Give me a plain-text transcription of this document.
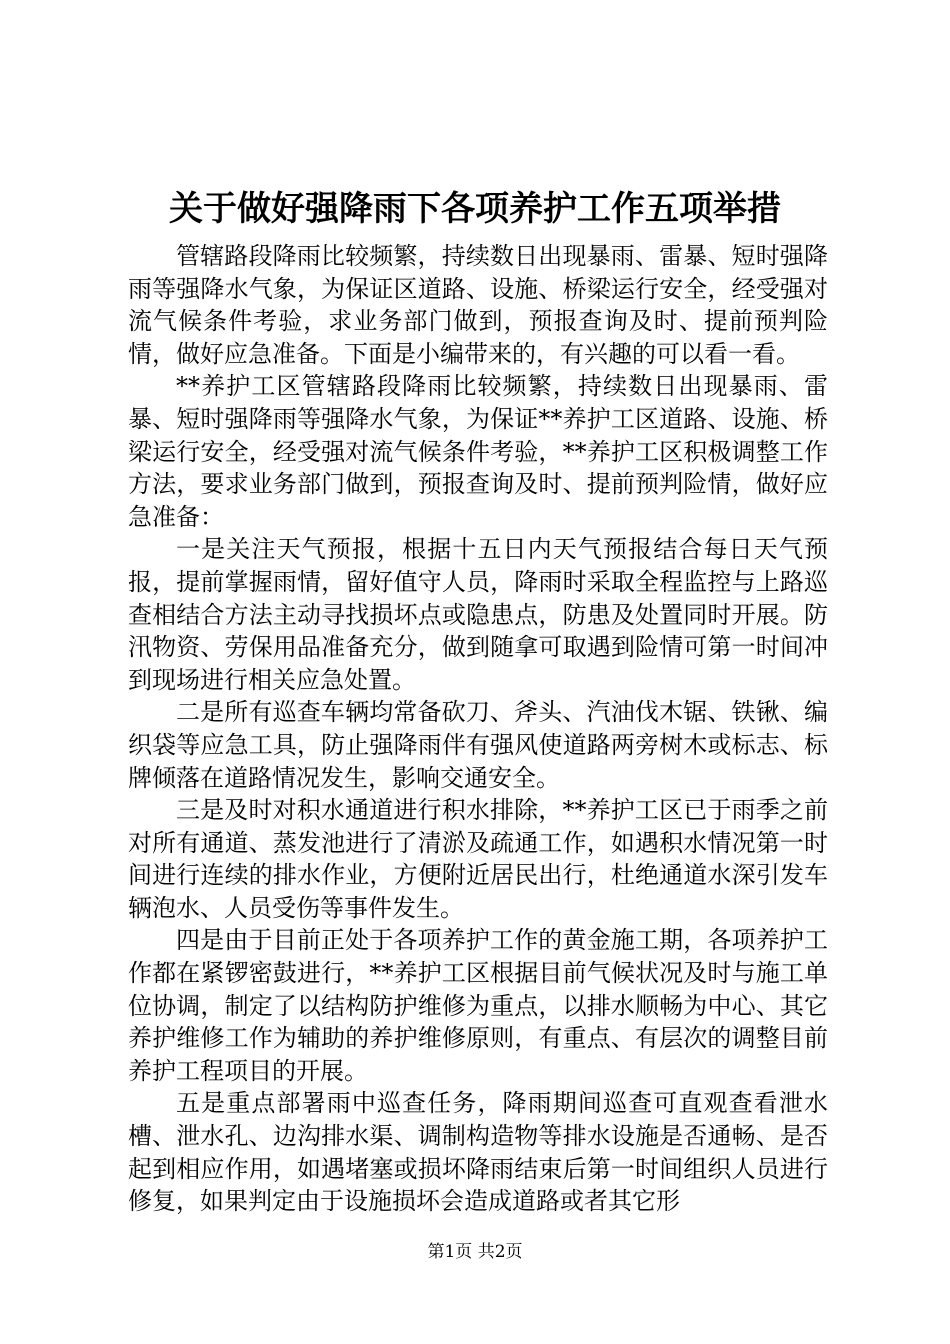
关于做好强降雨下各项养护工作五项举措

管辖路段降雨比较频繁，持续数日出现暴雨、雷暴、短时强降雨等强降水气象，为保证区道路、设施、桥梁运行安全，经受强对流气候条件考验，求业务部门做到，预报查询及时、提前预判险情，做好应急准备。下面是小编带来的，有兴趣的可以看一看。

**养护工区管辖路段降雨比较频繁，持续数日出现暴雨、雷暴、短时强降雨等强降水气象，为保证**养护工区道路、设施、桥梁运行安全，经受强对流气候条件考验，**养护工区积极调整工作方法，要求业务部门做到，预报查询及时、提前预判险情，做好应急准备：

一是关注天气预报，根据十五日内天气预报结合每日天气预报，提前掌握雨情，留好值守人员，降雨时采取全程监控与上路巡查相结合方法主动寻找损坏点或隐患点，防患及处置同时开展。防汛物资、劳保用品准备充分，做到随拿可取遇到险情可第一时间冲到现场进行相关应急处置。

二是所有巡查车辆均常备砍刀、斧头、汽油伐木锯、铁锹、编织袋等应急工具，防止强降雨伴有强风使道路两旁树木或标志、标牌倾落在道路情况发生，影响交通安全。

三是及时对积水通道进行积水排除，**养护工区已于雨季之前对所有通道、蒸发池进行了清淤及疏通工作，如遇积水情况第一时间进行连续的排水作业，方便附近居民出行，杜绝通道水深引发车辆泡水、人员受伤等事件发生。

四是由于目前正处于各项养护工作的黄金施工期，各项养护工作都在紧锣密鼓进行，**养护工区根据目前气候状况及时与施工单位协调，制定了以结构防护维修为重点，以排水顺畅为中心、其它养护维修工作为辅助的养护维修原则，有重点、有层次的调整目前养护工程项目的开展。

五是重点部署雨中巡查任务，降雨期间巡查可直观查看泄水槽、泄水孔、边沟排水渠、调制构造物等排水设施是否通畅、是否起到相应作用，如遇堵塞或损坏降雨结束后第一时间组织人员进行修复，如果判定由于设施损坏会造成道路或者其它形

第1页 共2页
